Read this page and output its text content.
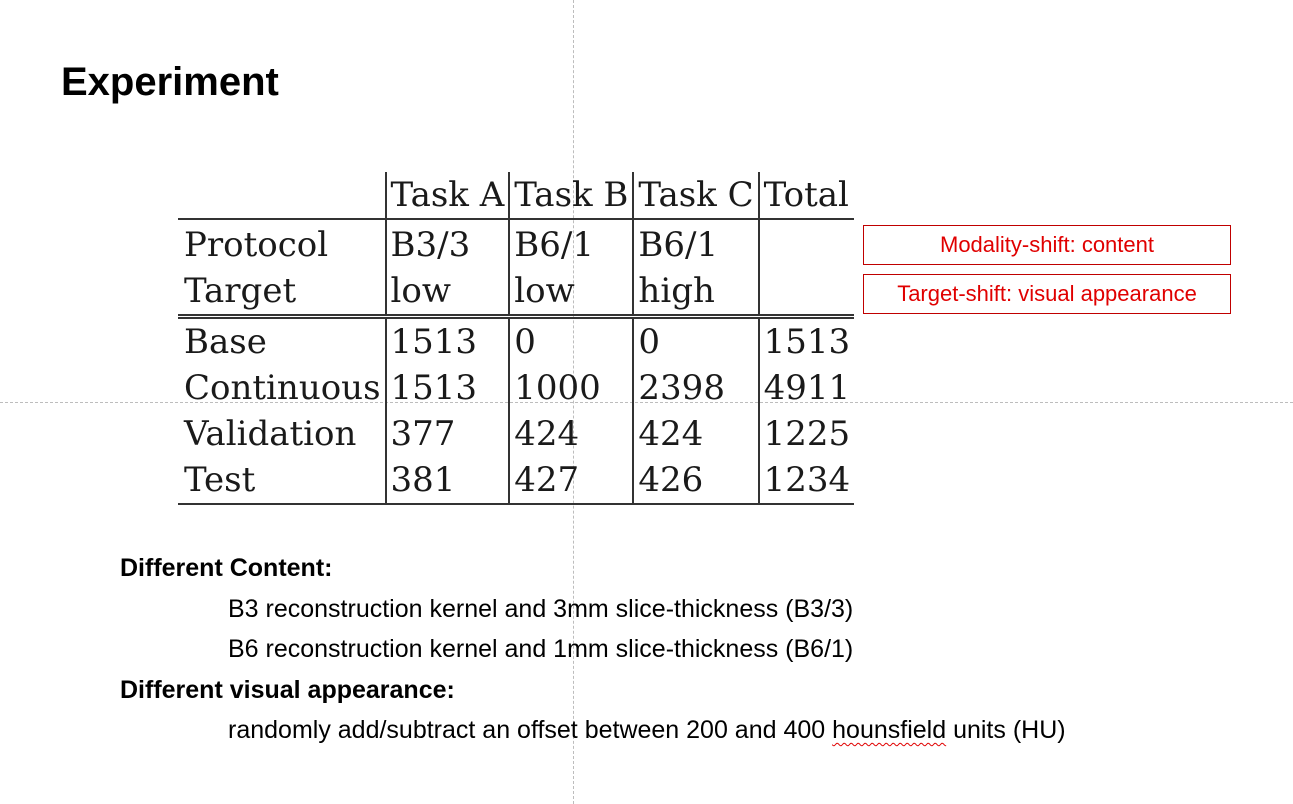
Experiment
	Task A	Task B	Task C	Total
Protocol	B3/3	B6/1	B6/1	
Target	low	low	high	
Base	1513	0	0	1513
Continuous	1513	1000	2398	4911
Validation	377	424	424	1225
Test	381	427	426	1234
Modality-shift: content
Target-shift: visual appearance
Different Content:
B3 reconstruction kernel and 3mm slice-thickness (B3/3)
B6 reconstruction kernel and 1mm slice-thickness (B6/1)
Different visual appearance:
randomly add/subtract an offset between 200 and 400 hounsfield units (HU)
